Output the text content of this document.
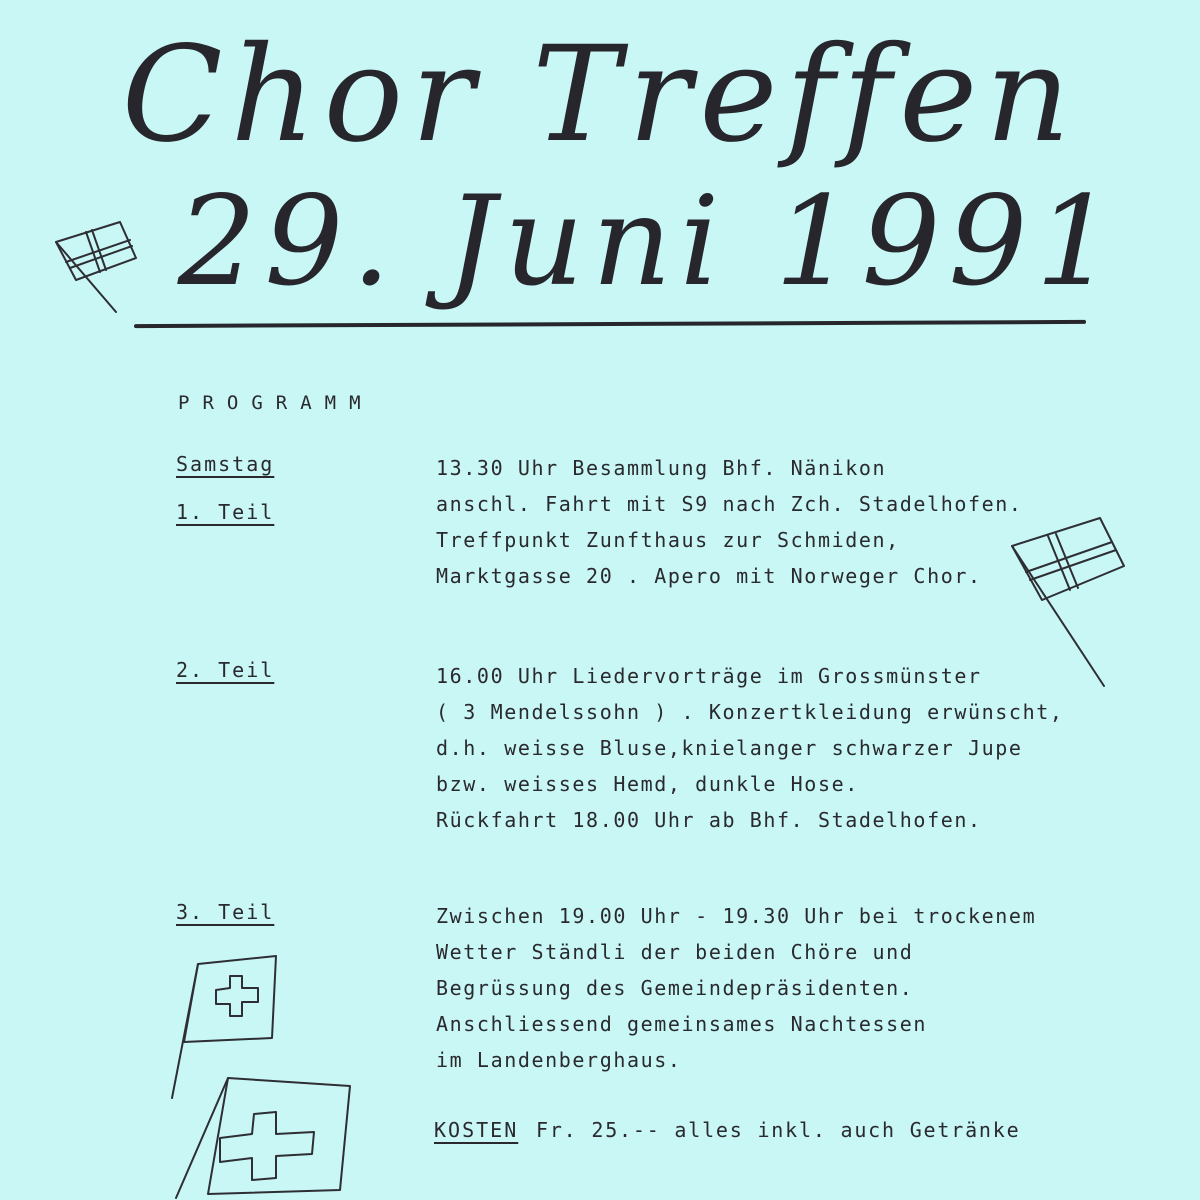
Chor Treffen
29. Juni 1991
PROGRAMM
Samstag
1. Teil
13.30 Uhr Besammlung Bhf. Nänikon
anschl. Fahrt mit S9 nach Zch. Stadelhofen.
Treffpunkt Zunfthaus zur Schmiden,
Marktgasse 20 . Apero mit Norweger Chor.
2. Teil	16.00 Uhr Liedervorträge im Grossmünster
( 3 Mendelssohn ) . Konzertkleidung erwünscht,
d.h. weisse Bluse,knielanger schwarzer Jupe
bzw. weisses Hemd, dunkle Hose.
Rückfahrt 18.00 Uhr ab Bhf. Stadelhofen.
3. Teil	Zwischen 19.00 Uhr - 19.30 Uhr bei trockenem
Wetter Ständli der beiden Chöre und
Begrüssung des Gemeindepräsidenten.
Anschliessend gemeinsames Nachtessen
im Landenberghaus.
KOSTEN Fr. 25.-- alles inkl. auch Getränke
